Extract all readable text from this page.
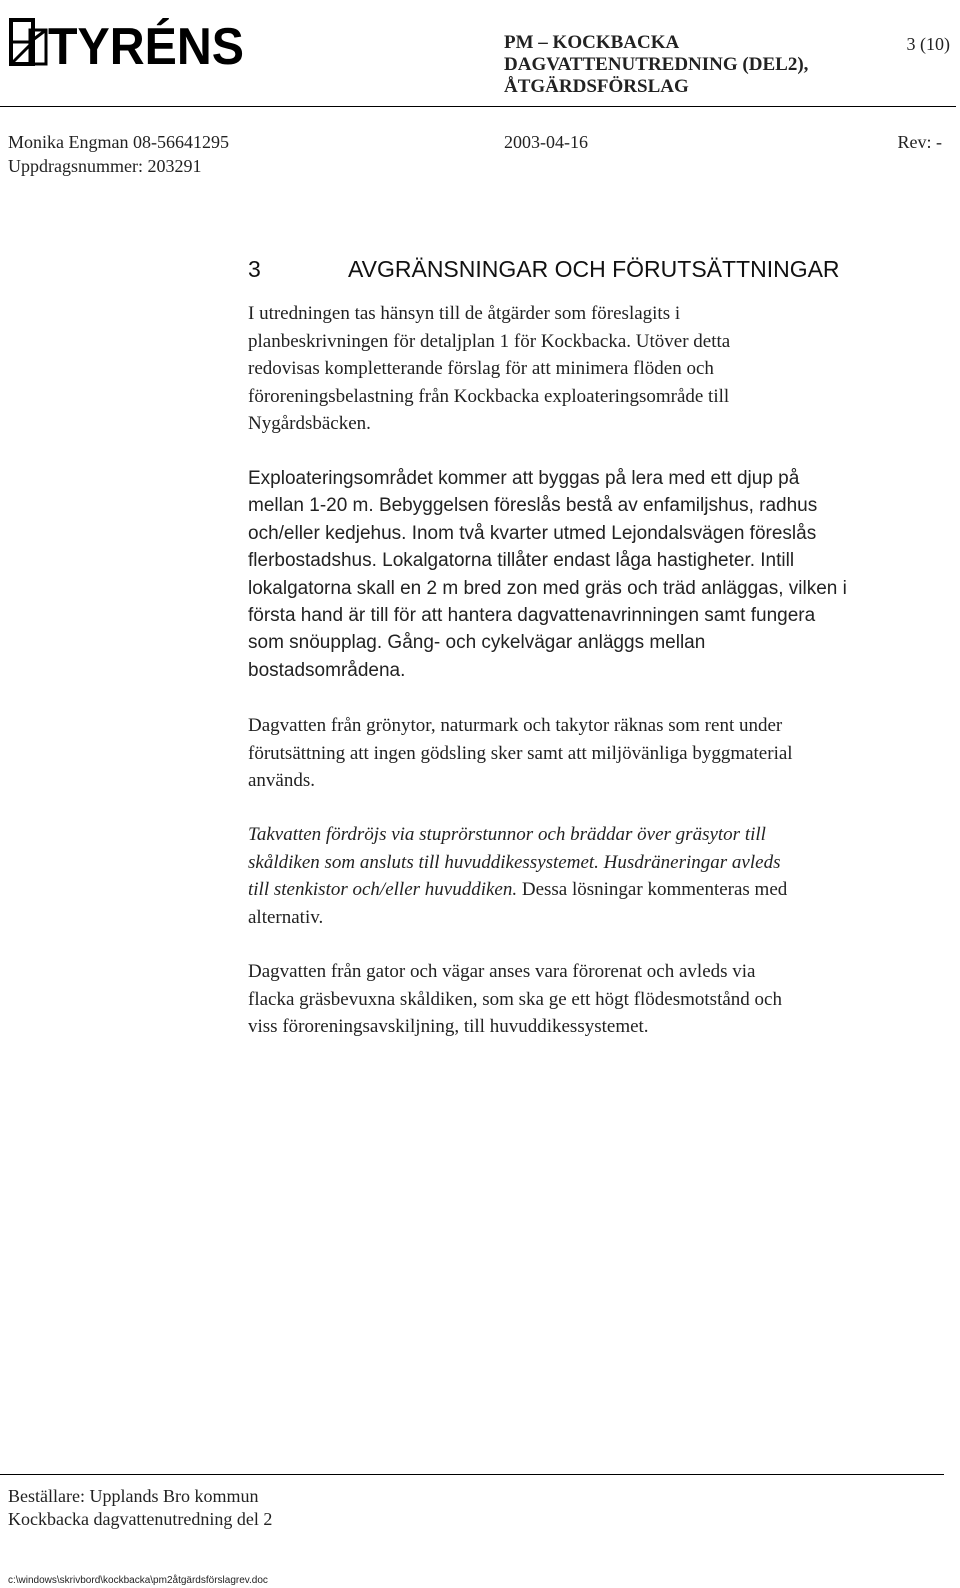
TYRÉNS	PM – KOCKBACKA
DAGVATTENUTREDNING (DEL2),
ÅTGÄRDSFÖRSLAG
3 (10)
Monika Engman 08-56641295	2003-04-16	Rev: -
Uppdragsnummer: 203291
3	AVGRÄNSNINGAR OCH FÖRUTSÄTTNINGAR
I utredningen tas hänsyn till de åtgärder som föreslagits i
planbeskrivningen för detaljplan 1 för Kockbacka. Utöver detta
redovisas kompletterande förslag för att minimera flöden och
föroreningsbelastning från Kockbacka exploateringsområde till
Nygårdsbäcken.
Exploateringsområdet kommer att byggas på lera med ett djup på
mellan 1-20 m. Bebyggelsen föreslås bestå av enfamiljshus, radhus
och/eller kedjehus. Inom två kvarter utmed Lejondalsvägen föreslås
flerbostadshus. Lokalgatorna tillåter endast låga hastigheter. Intill
lokalgatorna skall en 2 m bred zon med gräs och träd anläggas, vilken i
första hand är till för att hantera dagvattenavrinningen samt fungera
som snöupplag. Gång- och cykelvägar anläggs mellan
bostadsområdena.
Dagvatten från grönytor, naturmark och takytor räknas som rent under
förutsättning att ingen gödsling sker samt att miljövänliga byggmaterial
används.
Takvatten fördröjs via stuprörstunnor och bräddar över gräsytor till
skåldiken som ansluts till huvuddikessystemet. Husdräneringar avleds
till stenkistor och/eller huvuddiken. Dessa lösningar kommenteras med
alternativ.
Dagvatten från gator och vägar anses vara förorenat och avleds via
flacka gräsbevuxna skåldiken, som ska ge ett högt flödesmotstånd och
viss föroreningsavskiljning, till huvuddikessystemet.
Beställare: Upplands Bro kommun
Kockbacka dagvattenutredning del 2
c:\windows\skrivbord\kockbacka\pm2åtgärdsförslagrev.doc
